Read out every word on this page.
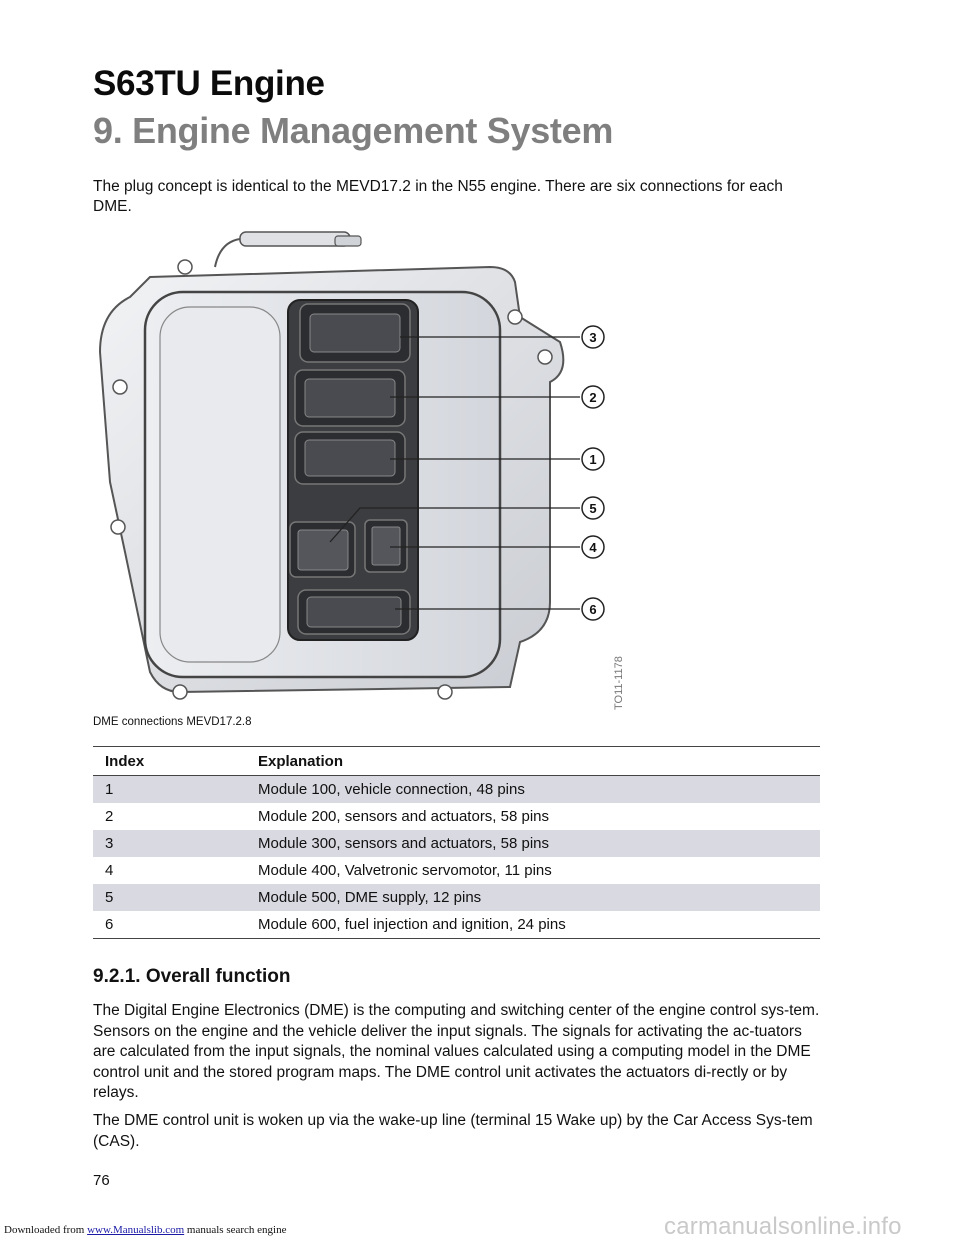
S63TU Engine
9. Engine Management System
The plug concept is identical to the MEVD17.2 in the N55 engine. There are six connections for each DME.
3
2
1
5
4
6
TO11-1178
DME connections MEVD17.2.8
Index	Explanation
1	Module 100, vehicle connection, 48 pins
2	Module 200, sensors and actuators, 58 pins
3	Module 300, sensors and actuators, 58 pins
4	Module 400, Valvetronic servomotor, 11 pins
5	Module 500, DME supply, 12 pins
6	Module 600, fuel injection and ignition, 24 pins
9.2.1. Overall function
The Digital Engine Electronics (DME) is the computing and switching center of the engine control sys-tem. Sensors on the engine and the vehicle deliver the input signals. The signals for activating the ac-tuators are calculated from the input signals, the nominal values calculated using a computing model in the DME control unit and the stored program maps. The DME control unit activates the actuators di-rectly or by relays.
The DME control unit is woken up via the wake-up line (terminal 15 Wake up) by the Car Access Sys-tem (CAS).
76
Downloaded from www.Manualslib.com manuals search engine	carmanualsonline.info
